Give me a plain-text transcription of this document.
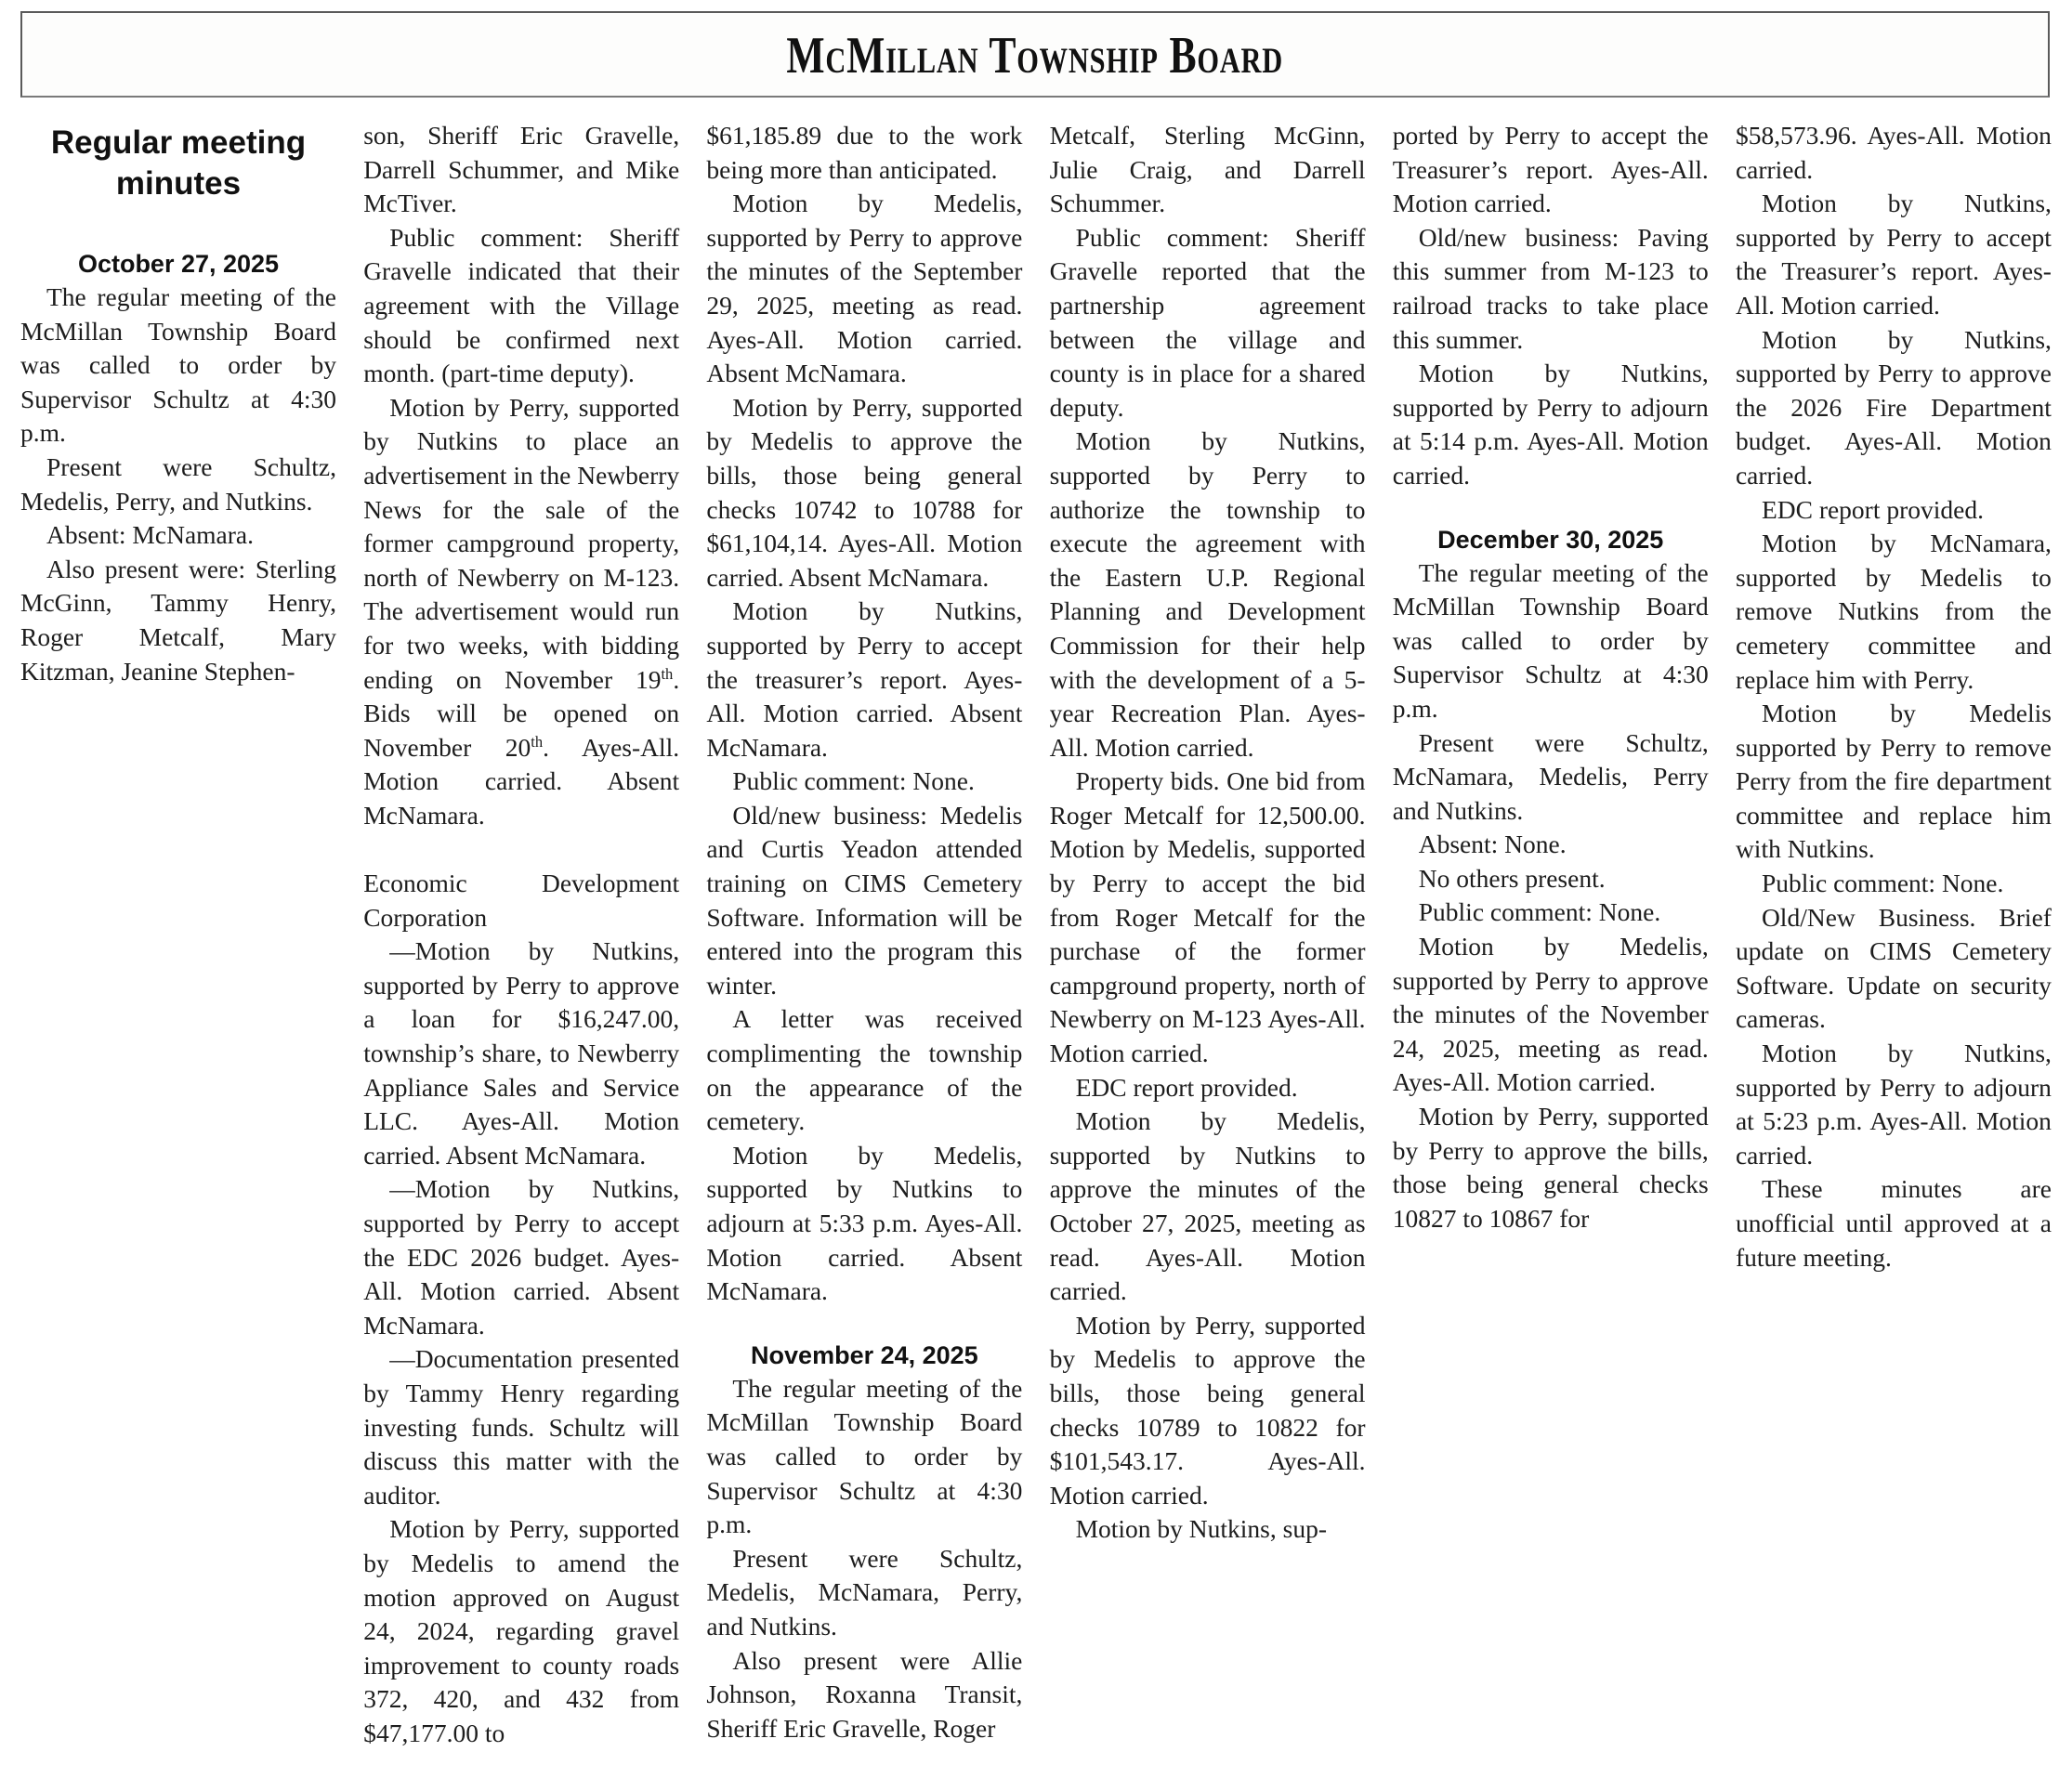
McMillan Township Board
Regular meeting minutes
October 27, 2025

The regular meeting of the McMillan Township Board was called to order by Supervisor Schultz at 4:30 p.m.

Present were Schultz, Medelis, Perry, and Nutkins.

Absent: McNamara.

Also present were: Sterling McGinn, Tammy Henry, Roger Metcalf, Mary Kitzman, Jeanine Stephen-

son, Sheriff Eric Gravelle, Darrell Schummer, and Mike McTiver.

Public comment: Sheriff Gravelle indicated that their agreement with the Village should be confirmed next month. (part-time deputy).

Motion by Perry, supported by Nutkins to place an advertisement in the Newberry News for the sale of the former campground property, north of Newberry on M-123. The advertisement would run for two weeks, with bidding ending on November 19th. Bids will be opened on November 20th. Ayes-All. Motion carried. Absent McNamara.

Economic Development Corporation

—Motion by Nutkins, supported by Perry to approve a loan for $16,247.00, township’s share, to Newberry Appliance Sales and Service LLC. Ayes-All. Motion carried. Absent McNamara.

—Motion by Nutkins, supported by Perry to accept the EDC 2026 budget. Ayes-All. Motion carried. Absent McNamara.

—Documentation presented by Tammy Henry regarding investing funds. Schultz will discuss this matter with the auditor.

Motion by Perry, supported by Medelis to amend the motion approved on August 24, 2024, regarding gravel improvement to county roads 372, 420, and 432 from $47,177.00 to

$61,185.89 due to the work being more than anticipated.

Motion by Medelis, supported by Perry to approve the minutes of the September 29, 2025, meeting as read. Ayes-All. Motion carried. Absent McNamara.

Motion by Perry, supported by Medelis to approve the bills, those being general checks 10742 to 10788 for $61,104,14. Ayes-All. Motion carried. Absent McNamara.

Motion by Nutkins, supported by Perry to accept the treasurer’s report. Ayes-All. Motion carried. Absent McNamara.

Public comment: None.

Old/new business: Medelis and Curtis Yeadon attended training on CIMS Cemetery Software. Information will be entered into the program this winter.

A letter was received complimenting the township on the appearance of the cemetery.

Motion by Medelis, supported by Nutkins to adjourn at 5:33 p.m. Ayes-All. Motion carried. Absent McNamara.

November 24, 2025

The regular meeting of the McMillan Township Board was called to order by Supervisor Schultz at 4:30 p.m.

Present were Schultz, Medelis, McNamara, Perry, and Nutkins.

Also present were Allie Johnson, Roxanna Transit, Sheriff Eric Gravelle, Roger

Metcalf, Sterling McGinn, Julie Craig, and Darrell Schummer.

Public comment: Sheriff Gravelle reported that the partnership agreement between the village and county is in place for a shared deputy.

Motion by Nutkins, supported by Perry to authorize the township to execute the agreement with the Eastern U.P. Regional Planning and Development Commission for their help with the development of a 5-year Recreation Plan. Ayes-All. Motion carried.

Property bids. One bid from Roger Metcalf for 12,500.00. Motion by Medelis, supported by Perry to accept the bid from Roger Metcalf for the purchase of the former campground property, north of Newberry on M-123 Ayes-All. Motion carried.

EDC report provided.

Motion by Medelis, supported by Nutkins to approve the minutes of the October 27, 2025, meeting as read. Ayes-All. Motion carried.

Motion by Perry, supported by Medelis to approve the bills, those being general checks 10789 to 10822 for $101,543.17. Ayes-All. Motion carried.

Motion by Nutkins, sup-

ported by Perry to accept the Treasurer’s report. Ayes-All. Motion carried.

Old/new business: Paving this summer from M-123 to railroad tracks to take place this summer.

Motion by Nutkins, supported by Perry to adjourn at 5:14 p.m. Ayes-All. Motion carried.

December 30, 2025

The regular meeting of the McMillan Township Board was called to order by Supervisor Schultz at 4:30 p.m.

Present were Schultz, McNamara, Medelis, Perry and Nutkins.

Absent: None.

No others present.

Public comment: None.

Motion by Medelis, supported by Perry to approve the minutes of the November 24, 2025, meeting as read. Ayes-All. Motion carried.

Motion by Perry, supported by Perry to approve the bills, those being general checks 10827 to 10867 for

$58,573.96. Ayes-All. Motion carried.

Motion by Nutkins, supported by Perry to accept the Treasurer’s report. Ayes-All. Motion carried.

Motion by Nutkins, supported by Perry to approve the 2026 Fire Department budget. Ayes-All. Motion carried.

EDC report provided.

Motion by McNamara, supported by Medelis to remove Nutkins from the cemetery committee and replace him with Perry.

Motion by Medelis supported by Perry to remove Perry from the fire department committee and replace him with Nutkins.

Public comment: None.

Old/New Business. Brief update on CIMS Cemetery Software. Update on security cameras.

Motion by Nutkins, supported by Perry to adjourn at 5:23 p.m. Ayes-All. Motion carried.

These minutes are unofficial until approved at a future meeting.
